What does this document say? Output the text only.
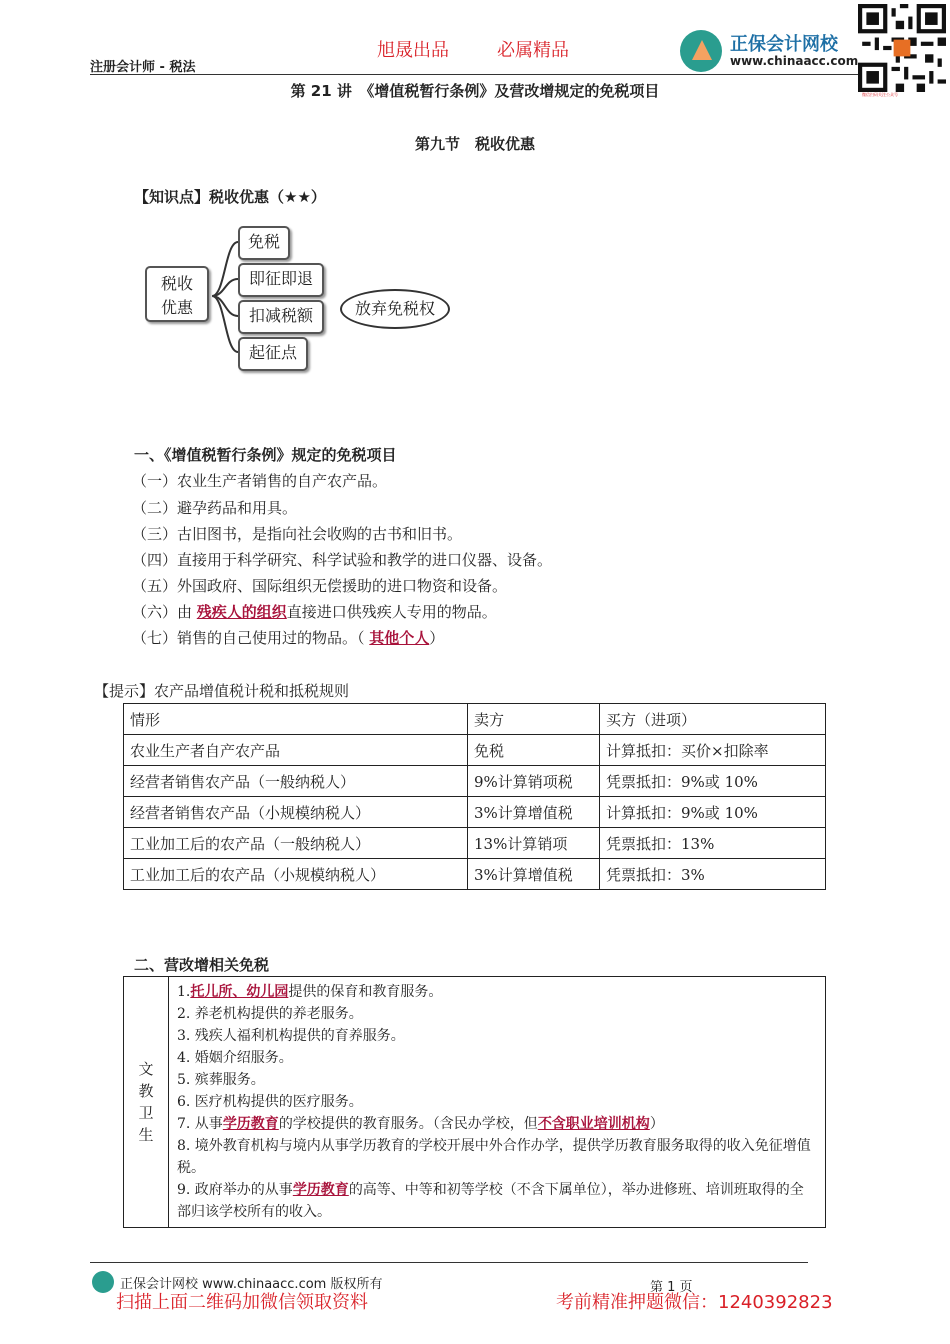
旭晟出品	必属精品
注册会计师 - 税法
正保会计网校
www.chinaacc.com
微信扫码关注公众号
第 21 讲　《增值税暂行条例》及营改增规定的免税项目
第九节　税收优惠
【知识点】税收优惠（★★）
税收
优惠
免税
即征即退
扣减税额
起征点
放弃免税权
一、《增值税暂行条例》规定的免税项目
（一）农业生产者销售的自产农产品。
（二）避孕药品和用具。
（三）古旧图书，是指向社会收购的古书和旧书。
（四）直接用于科学研究、科学试验和教学的进口仪器、设备。
（五）外国政府、国际组织无偿援助的进口物资和设备。
（六）由 残疾人的组织直接进口供残疾人专用的物品。
（七）销售的自己使用过的物品。（ 其他个人）
【提示】农产品增值税计税和抵税规则
情形	卖方	买方（进项）
农业生产者自产农产品	免税	计算抵扣：买价×扣除率
经营者销售农产品（一般纳税人）	9%计算销项税	凭票抵扣：9%或 10%
经营者销售农产品（小规模纳税人）	3%计算增值税	计算抵扣：9%或 10%
工业加工后的农产品（一般纳税人）	13%计算销项	凭票抵扣：13%
工业加工后的农产品（小规模纳税人）	3%计算增值税	凭票抵扣：3%
二、营改增相关免税
文
教
卫
生	
1.托儿所、幼儿园提供的保育和教育服务。
2. 养老机构提供的养老服务。
3. 残疾人福利机构提供的育养服务。
4. 婚姻介绍服务。
5. 殡葬服务。
6. 医疗机构提供的医疗服务。
7. 从事学历教育的学校提供的教育服务。（含民办学校，但不含职业培训机构）
8. 境外教育机构与境内从事学历教育的学校开展中外合作办学，提供学历教育服务取得的收入免征增值税。
9. 政府举办的从事学历教育的高等、中等和初等学校（不含下属单位），举办进修班、培训班取得的全部归该学校所有的收入。
正保会计网校 www.chinaacc.com 版权所有	第 1 页
扫描上面二维码加微信领取资料	考前精准押题微信：1240392823
